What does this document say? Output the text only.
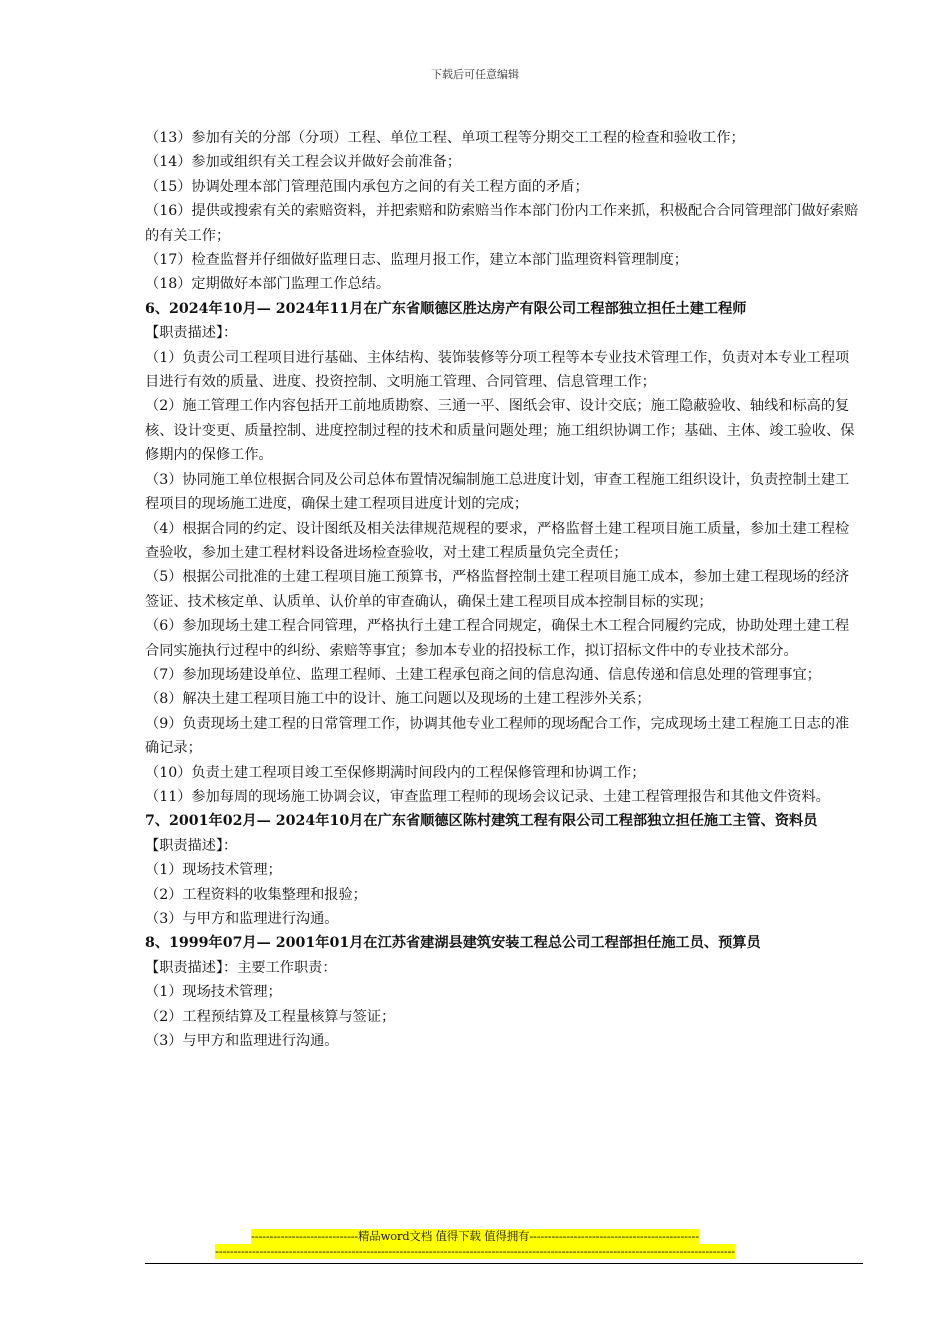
下载后可任意编辑

（13）参加有关的分部（分项）工程、单位工程、单项工程等分期交工工程的检查和验收工作；

（14）参加或组织有关工程会议并做好会前准备；

（15）协调处理本部门管理范围内承包方之间的有关工程方面的矛盾；

（16）提供或搜索有关的索赔资料，并把索赔和防索赔当作本部门份内工作来抓，积极配合合同管理部门做好索赔的有关工作；

（17）检查监督并仔细做好监理日志、监理月报工作，建立本部门监理资料管理制度；

（18）定期做好本部门监理工作总结。

6、2024年10月— 2024年11月在广东省顺德区胜达房产有限公司工程部独立担任土建工程师

【职责描述】：

（1）负责公司工程项目进行基础、主体结构、装饰装修等分项工程等本专业技术管理工作，负责对本专业工程项目进行有效的质量、进度、投资控制、文明施工管理、合同管理、信息管理工作；

（2）施工管理工作内容包括开工前地质勘察、三通一平、图纸会审、设计交底；施工隐蔽验收、轴线和标高的复核、设计变更、质量控制、进度控制过程的技术和质量问题处理；施工组织协调工作；基础、主体、竣工验收、保修期内的保修工作。

（3）协同施工单位根据合同及公司总体布置情况编制施工总进度计划，审查工程施工组织设计，负责控制土建工程项目的现场施工进度，确保土建工程项目进度计划的完成；

（4）根据合同的约定、设计图纸及相关法律规范规程的要求，严格监督土建工程项目施工质量，参加土建工程检查验收，参加土建工程材料设备进场检查验收，对土建工程质量负完全责任；

（5）根据公司批准的土建工程项目施工预算书，严格监督控制土建工程项目施工成本，参加土建工程现场的经济签证、技术核定单、认质单、认价单的审查确认，确保土建工程项目成本控制目标的实现；

（6）参加现场土建工程合同管理，严格执行土建工程合同规定，确保土木工程合同履约完成，协助处理土建工程合同实施执行过程中的纠纷、索赔等事宜；参加本专业的招投标工作，拟订招标文件中的专业技术部分。

（7）参加现场建设单位、监理工程师、土建工程承包商之间的信息沟通、信息传递和信息处理的管理事宜；

（8）解决土建工程项目施工中的设计、施工问题以及现场的土建工程涉外关系；

（9）负责现场土建工程的日常管理工作，协调其他专业工程师的现场配合工作，完成现场土建工程施工日志的准确记录；

（10）负责土建工程项目竣工至保修期满时间段内的工程保修管理和协调工作；

（11）参加每周的现场施工协调会议，审查监理工程师的现场会议记录、土建工程管理报告和其他文件资料。

7、2001年02月— 2024年10月在广东省顺德区陈村建筑工程有限公司工程部独立担任施工主管、资料员

【职责描述】：

（1）现场技术管理；

（2）工程资料的收集整理和报验；

（3）与甲方和监理进行沟通。

8、1999年07月— 2001年01月在江苏省建湖县建筑安装工程总公司工程部担任施工员、预算员

【职责描述】：主要工作职责：

（1）现场技术管理；

（2）工程预结算及工程量核算与签证；

（3）与甲方和监理进行沟通。

-----------------------------精品word文档 值得下载 值得拥有----------------------------------------------
---------------------------------------------------------------------------------------------------------------------------------------------
